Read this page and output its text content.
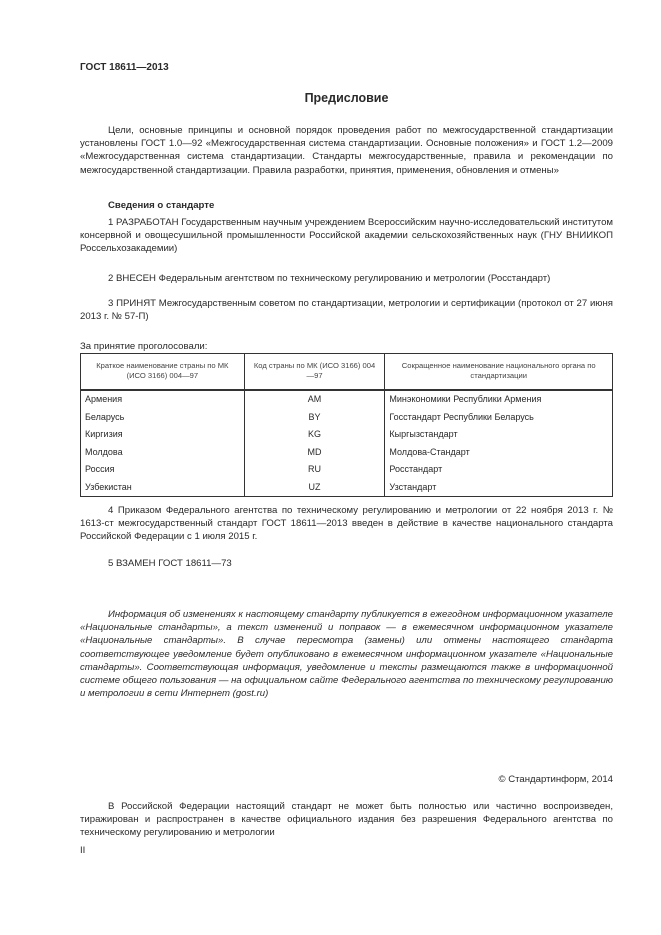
ГОСТ 18611—2013
Предисловие
Цели, основные принципы и основной порядок проведения работ по межгосударственной стандартизации установлены ГОСТ 1.0—92 «Межгосударственная система стандартизации. Основные положения» и ГОСТ 1.2—2009 «Межгосударственная система стандартизации. Стандарты межгосударственные, правила и рекомендации по межгосударственной стандартизации. Правила разработки, принятия, применения, обновления и отмены»
Сведения о стандарте
1 РАЗРАБОТАН Государственным научным учреждением Всероссийским научно-исследовательский институтом консервной и овощесушильной промышленности Российской академии сельскохозяйственных наук (ГНУ ВНИИКОП Россельхозакадемии)
2 ВНЕСЕН Федеральным агентством по техническому регулированию и метрологии (Росстандарт)
3 ПРИНЯТ Межгосударственным советом по стандартизации, метрологии и сертификации (протокол от 27 июня 2013 г. № 57-П)
За принятие проголосовали:
Краткое наименование страны по МК (ИСО 3166) 004—97	Код страны по МК (ИСО 3166) 004—97	Сокращенное наименование национального органа по стандартизации
Армения	AM	Минэкономики Республики Армения
Беларусь	BY	Госстандарт Республики Беларусь
Киргизия	KG	Кыргызстандарт
Молдова	MD	Молдова-Стандарт
Россия	RU	Росстандарт
Узбекистан	UZ	Узстандарт
4 Приказом Федерального агентства по техническому регулированию и метрологии от 22 ноября 2013 г. № 1613-ст межгосударственный стандарт ГОСТ 18611—2013 введен в действие в качестве национального стандарта Российской Федерации с 1 июля 2015 г.
5 ВЗАМЕН ГОСТ 18611—73
Информация об изменениях к настоящему стандарту публикуется в ежегодном информационном указателе «Национальные стандарты», а текст изменений и поправок — в ежемесячном информационном указателе «Национальные стандарты». В случае пересмотра (замены) или отмены настоящего стандарта соответствующее уведомление будет опубликовано в ежемесячном информационном указателе «Национальные стандарты». Соответствующая информация, уведомление и тексты размещаются также в информационной системе общего пользования — на официальном сайте Федерального агентства по техническому регулированию и метрологии в сети Интернет (gost.ru)
© Стандартинформ, 2014
В Российской Федерации настоящий стандарт не может быть полностью или частично воспроизведен, тиражирован и распространен в качестве официального издания без разрешения Федерального агентства по техническому регулированию и метрологии
II
